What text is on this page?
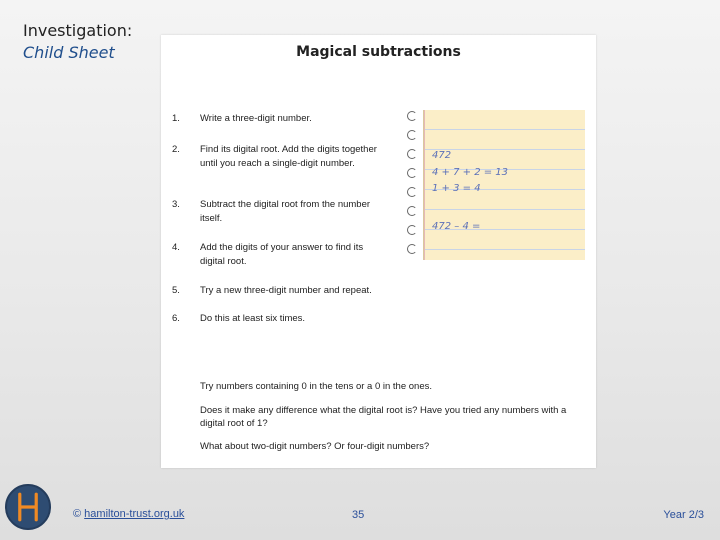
Investigation:
Child Sheet	Magical subtractions
1.	Write a three-digit number.
2.	Find its digital root. Add the digits together until you reach a single-digit number.
3.	Subtract the digital root from the number itself.
4.	Add the digits of your answer to find its digital root.
5.	Try a new three-digit number and repeat.
6.	Do this at least six times.
472
4 + 7 + 2 = 13
1 + 3 = 4
472 – 4 =
Try numbers containing 0 in the tens or a 0 in the ones.
Does it make any difference what the digital root is? Have you tried any numbers with a digital root of 1?
What about two-digit numbers? Or four-digit numbers?
© hamilton-trust.org.uk	35	Year 2/3
